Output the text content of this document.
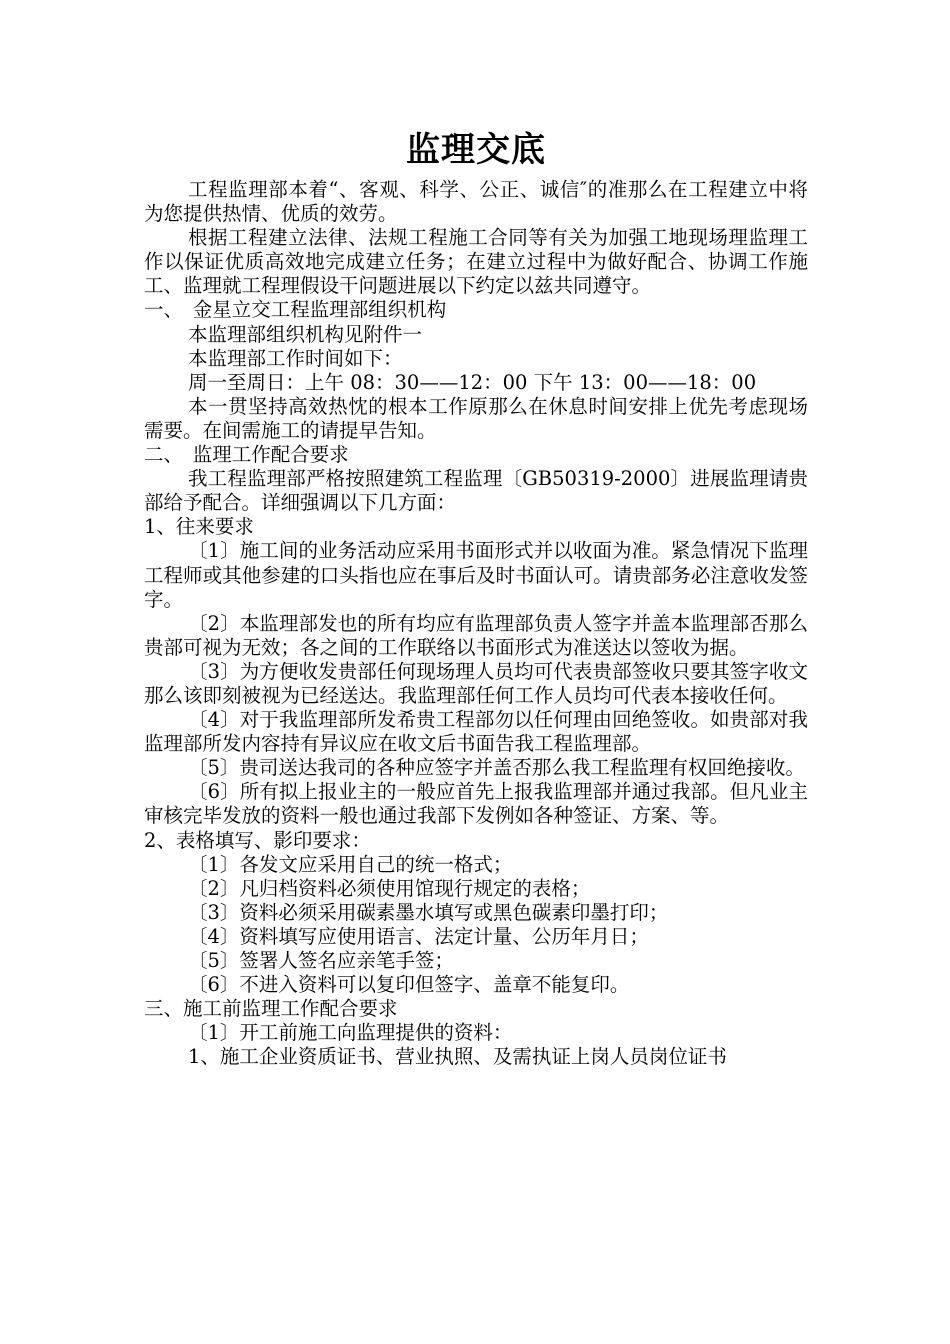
监理交底

工程监理部本着“、客观、科学、公正、诚信″的准那么在工程建立中将为您提供热情、优质的效劳。

根据工程建立法律、法规工程施工合同等有关为加强工地现场理监理工作以保证优质高效地完成建立任务；在建立过程中为做好配合、协调工作施工、监理就工程理假设干问题进展以下约定以兹共同遵守。

一、　金星立交工程监理部组织机构

本监理部组织机构见附件一

本监理部工作时间如下：

周一至周日：上午 08：30——12：00 下午 13：00——18：00

本一贯坚持高效热忱的根本工作原那么在休息时间安排上优先考虑现场需要。在间需施工的请提早告知。

二、　监理工作配合要求

我工程监理部严格按照建筑工程监理〔GB50319-2000〕进展监理请贵部给予配合。详细强调以下几方面：

1、往来要求

〔1〕施工间的业务活动应采用书面形式并以收面为准。紧急情况下监理工程师或其他参建的口头指也应在事后及时书面认可。请贵部务必注意收发签字。

〔2〕本监理部发也的所有均应有监理部负责人签字并盖本监理部否那么贵部可视为无效；各之间的工作联络以书面形式为准送达以签收为据。

〔3〕为方便收发贵部任何现场理人员均可代表贵部签收只要其签字收文那么该即刻被视为已经送达。我监理部任何工作人员均可代表本接收任何。

〔4〕对于我监理部所发希贵工程部勿以任何理由回绝签收。如贵部对我监理部所发内容持有异议应在收文后书面告我工程监理部。

〔5〕贵司送达我司的各种应签字并盖否那么我工程监理有权回绝接收。

〔6〕所有拟上报业主的一般应首先上报我监理部并通过我部。但凡业主审核完毕发放的资料一般也通过我部下发例如各种签证、方案、等。

2、表格填写、影印要求：

〔1〕各发文应采用自己的统一格式；

〔2〕凡归档资料必须使用馆现行规定的表格；

〔3〕资料必须采用碳素墨水填写或黑色碳素印墨打印；

〔4〕资料填写应使用语言、法定计量、公历年月日；

〔5〕签署人签名应亲笔手签；

〔6〕不进入资料可以复印但签字、盖章不能复印。

三、施工前监理工作配合要求

〔1〕开工前施工向监理提供的资料：

1、施工企业资质证书、营业执照、及需执证上岗人员岗位证书
